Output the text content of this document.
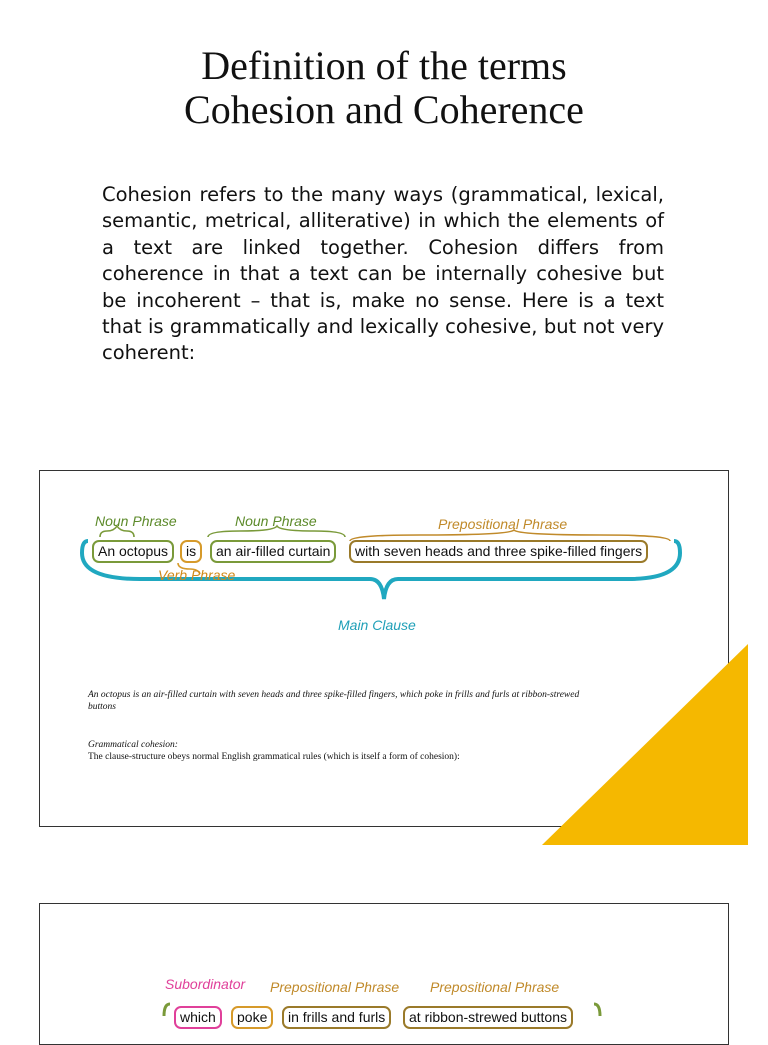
Definition of the terms
Cohesion and Coherence
Cohesion refers to the many ways (grammatical, lexical, semantic, metrical, alliterative) in which the elements of a text are linked together. Cohesion differs from coherence in that a text can be internally cohesive but be incoherent – that is, make no sense. Here is a text that is grammatically and lexically cohesive, but not very coherent:
Noun Phrase	Noun Phrase	Prepositional Phrase
An octopus	is	an air-filled curtain	with seven heads and three spike-filled fingers
Verb Phrase
Main Clause
An octopus is an air-filled curtain with seven heads and three spike-filled fingers, which poke in frills and furls at ribbon-strewed buttons
Grammatical cohesion:
The clause-structure obeys normal English grammatical rules (which is itself a form of cohesion):
Subordinator Prepositional Phrase Prepositional Phrase
which	poke	in frills and furls	at ribbon-strewed buttons
